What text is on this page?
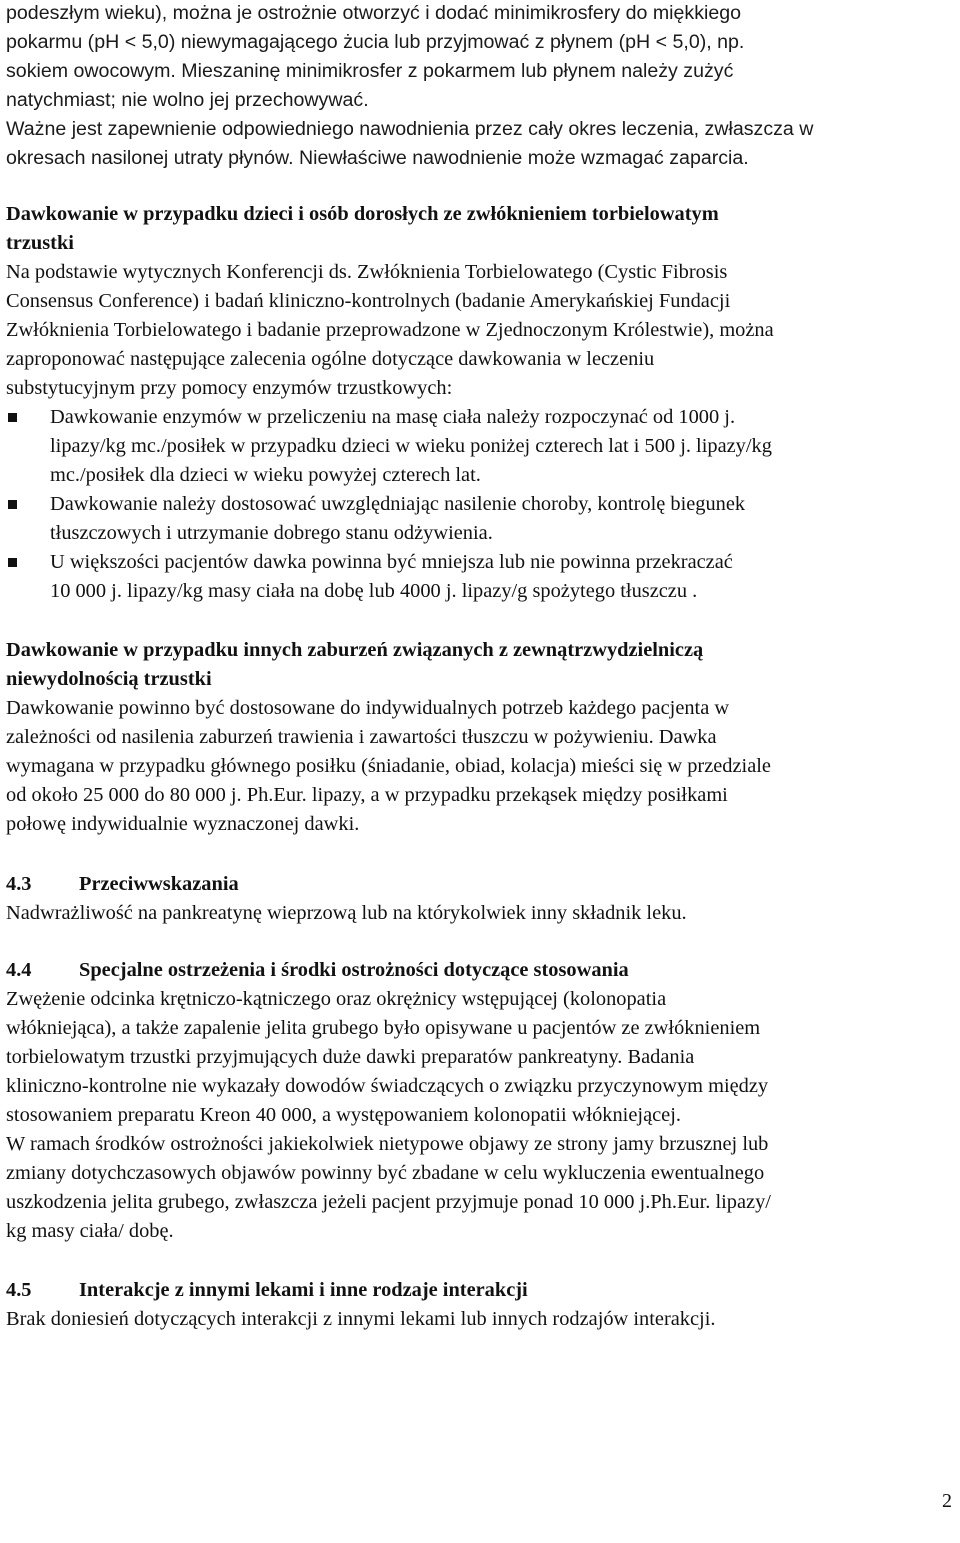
podeszłym wieku), można je ostrożnie otworzyć i dodać minimikrosfery do miękkiego
pokarmu (pH < 5,0) niewymagającego żucia lub przyjmować z płynem (pH < 5,0), np.
sokiem owocowym. Mieszaninę minimikrosfer z pokarmem lub płynem należy zużyć
natychmiast; nie wolno jej przechowywać.
Ważne jest zapewnienie odpowiedniego nawodnienia przez cały okres leczenia, zwłaszcza w
okresach nasilonej utraty płynów. Niewłaściwe nawodnienie może wzmagać zaparcia.
Dawkowanie w przypadku dzieci i osób dorosłych ze zwłóknieniem torbielowatym
trzustki
Na podstawie wytycznych Konferencji ds. Zwłóknienia Torbielowatego (Cystic Fibrosis
Consensus Conference) i badań kliniczno-kontrolnych (badanie Amerykańskiej Fundacji
Zwłóknienia Torbielowatego i badanie przeprowadzone w Zjednoczonym Królestwie), można
zaproponować następujące zalecenia ogólne dotyczące dawkowania w leczeniu
substytucyjnym przy pomocy enzymów trzustkowych:
Dawkowanie enzymów w przeliczeniu na masę ciała należy rozpoczynać od 1000 j.
lipazy/kg mc./posiłek w przypadku dzieci w wieku poniżej czterech lat i 500 j. lipazy/kg
mc./posiłek dla dzieci w wieku powyżej czterech lat.
Dawkowanie należy dostosować uwzględniając nasilenie choroby, kontrolę biegunek
tłuszczowych i utrzymanie dobrego stanu odżywienia.
U większości pacjentów dawka powinna być mniejsza lub nie powinna przekraczać
10 000 j. lipazy/kg masy ciała na dobę lub 4000 j. lipazy/g spożytego tłuszczu .
Dawkowanie w przypadku innych zaburzeń związanych z zewnątrzwydzielniczą
niewydolnością trzustki
Dawkowanie powinno być dostosowane do indywidualnych potrzeb każdego pacjenta w
zależności od nasilenia zaburzeń trawienia i zawartości tłuszczu w pożywieniu. Dawka
wymagana w przypadku głównego posiłku (śniadanie, obiad, kolacja) mieści się w przedziale
od około 25 000 do 80 000 j. Ph.Eur. lipazy, a w przypadku przekąsek między posiłkami
połowę indywidualnie wyznaczonej dawki.
4.3 Przeciwwskazania
Nadwrażliwość na pankreatynę wieprzową lub na którykolwiek inny składnik leku.
4.4 Specjalne ostrzeżenia i środki ostrożności dotyczące stosowania
Zwężenie odcinka krętniczo-kątniczego oraz okrężnicy wstępującej (kolonopatia
włókniejąca), a także zapalenie jelita grubego było opisywane u pacjentów ze zwłóknieniem
torbielowatym trzustki przyjmujących duże dawki preparatów pankreatyny. Badania
kliniczno-kontrolne nie wykazały dowodów świadczących o związku przyczynowym między
stosowaniem preparatu Kreon 40 000, a występowaniem kolonopatii włókniejącej.
W ramach środków ostrożności jakiekolwiek nietypowe objawy ze strony jamy brzusznej lub
zmiany dotychczasowych objawów powinny być zbadane w celu wykluczenia ewentualnego
uszkodzenia jelita grubego, zwłaszcza jeżeli pacjent przyjmuje ponad 10 000 j.Ph.Eur. lipazy/
kg masy ciała/ dobę.
4.5 Interakcje z innymi lekami i inne rodzaje interakcji
Brak doniesień dotyczących interakcji z innymi lekami lub innych rodzajów interakcji.
2
